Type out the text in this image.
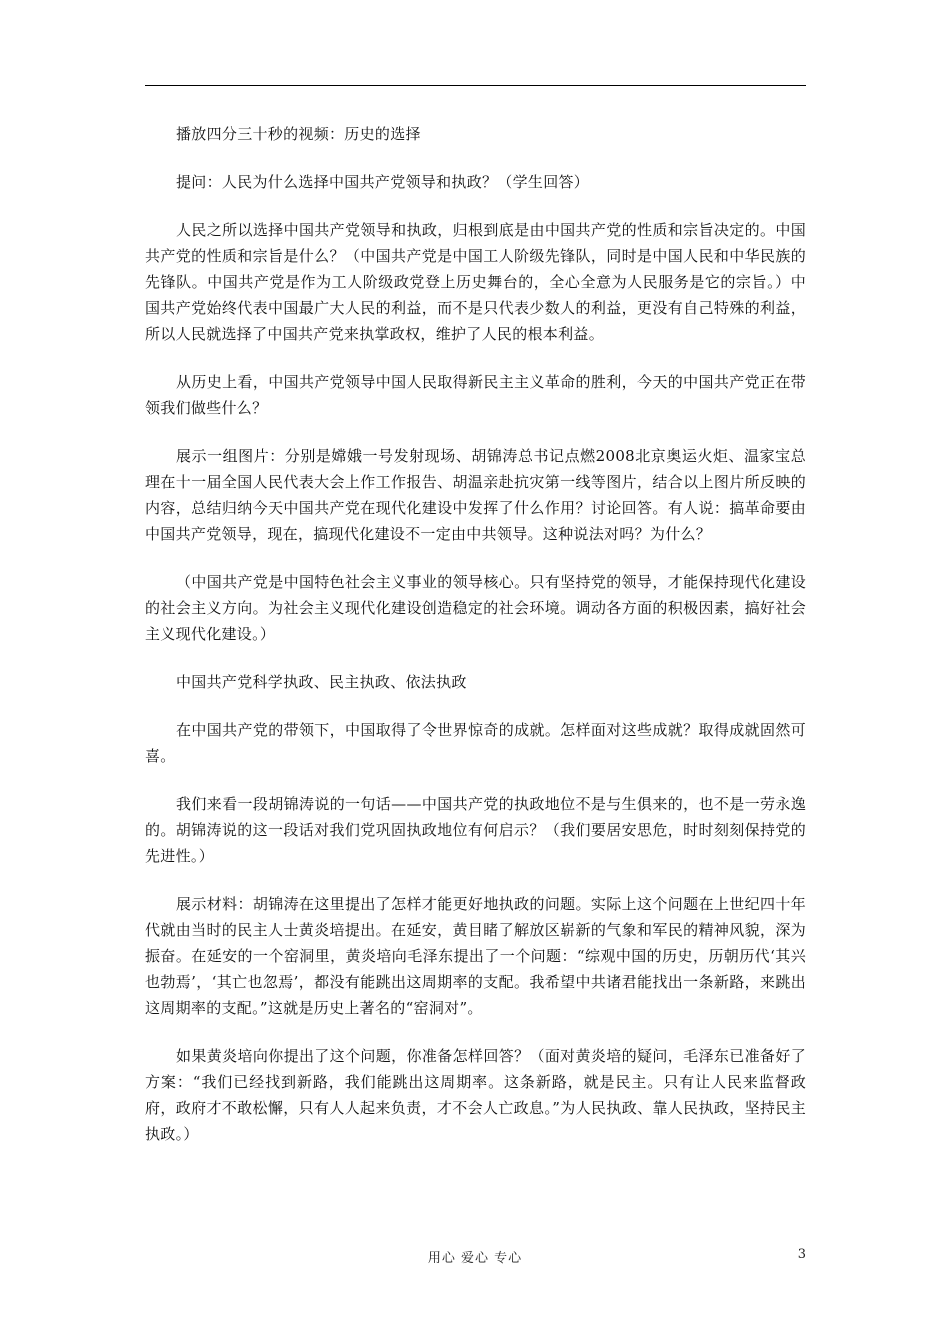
播放四分三十秒的视频：历史的选择

提问：人民为什么选择中国共产党领导和执政？（学生回答）

人民之所以选择中国共产党领导和执政，归根到底是由中国共产党的性质和宗旨决定的。中国共产党的性质和宗旨是什么？（中国共产党是中国工人阶级先锋队，同时是中国人民和中华民族的先锋队。中国共产党是作为工人阶级政党登上历史舞台的，全心全意为人民服务是它的宗旨。）中国共产党始终代表中国最广大人民的利益，而不是只代表少数人的利益，更没有自己特殊的利益，所以人民就选择了中国共产党来执掌政权，维护了人民的根本利益。

从历史上看，中国共产党领导中国人民取得新民主主义革命的胜利，今天的中国共产党正在带领我们做些什么？

展示一组图片：分别是嫦娥一号发射现场、胡锦涛总书记点燃2008北京奥运火炬、温家宝总理在十一届全国人民代表大会上作工作报告、胡温亲赴抗灾第一线等图片，结合以上图片所反映的内容，总结归纳今天中国共产党在现代化建设中发挥了什么作用？讨论回答。有人说：搞革命要由中国共产党领导，现在，搞现代化建设不一定由中共领导。这种说法对吗？为什么？

（中国共产党是中国特色社会主义事业的领导核心。只有坚持党的领导，才能保持现代化建设的社会主义方向。为社会主义现代化建设创造稳定的社会环境。调动各方面的积极因素，搞好社会主义现代化建设。）

中国共产党科学执政、民主执政、依法执政

在中国共产党的带领下，中国取得了令世界惊奇的成就。怎样面对这些成就？取得成就固然可喜。

我们来看一段胡锦涛说的一句话——中国共产党的执政地位不是与生俱来的，也不是一劳永逸的。胡锦涛说的这一段话对我们党巩固执政地位有何启示？（我们要居安思危，时时刻刻保持党的先进性。）

展示材料：胡锦涛在这里提出了怎样才能更好地执政的问题。实际上这个问题在上世纪四十年代就由当时的民主人士黄炎培提出。在延安，黄目睹了解放区崭新的气象和军民的精神风貌，深为振奋。在延安的一个窑洞里，黄炎培向毛泽东提出了一个问题：“综观中国的历史，历朝历代‘其兴也勃焉’，‘其亡也忽焉’，都没有能跳出这周期率的支配。我希望中共诸君能找出一条新路，来跳出这周期率的支配。”这就是历史上著名的“窑洞对”。

如果黄炎培向你提出了这个问题，你准备怎样回答？（面对黄炎培的疑问，毛泽东已准备好了方案：“我们已经找到新路，我们能跳出这周期率。这条新路，就是民主。只有让人民来监督政府，政府才不敢松懈，只有人人起来负责，才不会人亡政息。”为人民执政、靠人民执政，坚持民主执政。）

用心 爱心 专心	3
